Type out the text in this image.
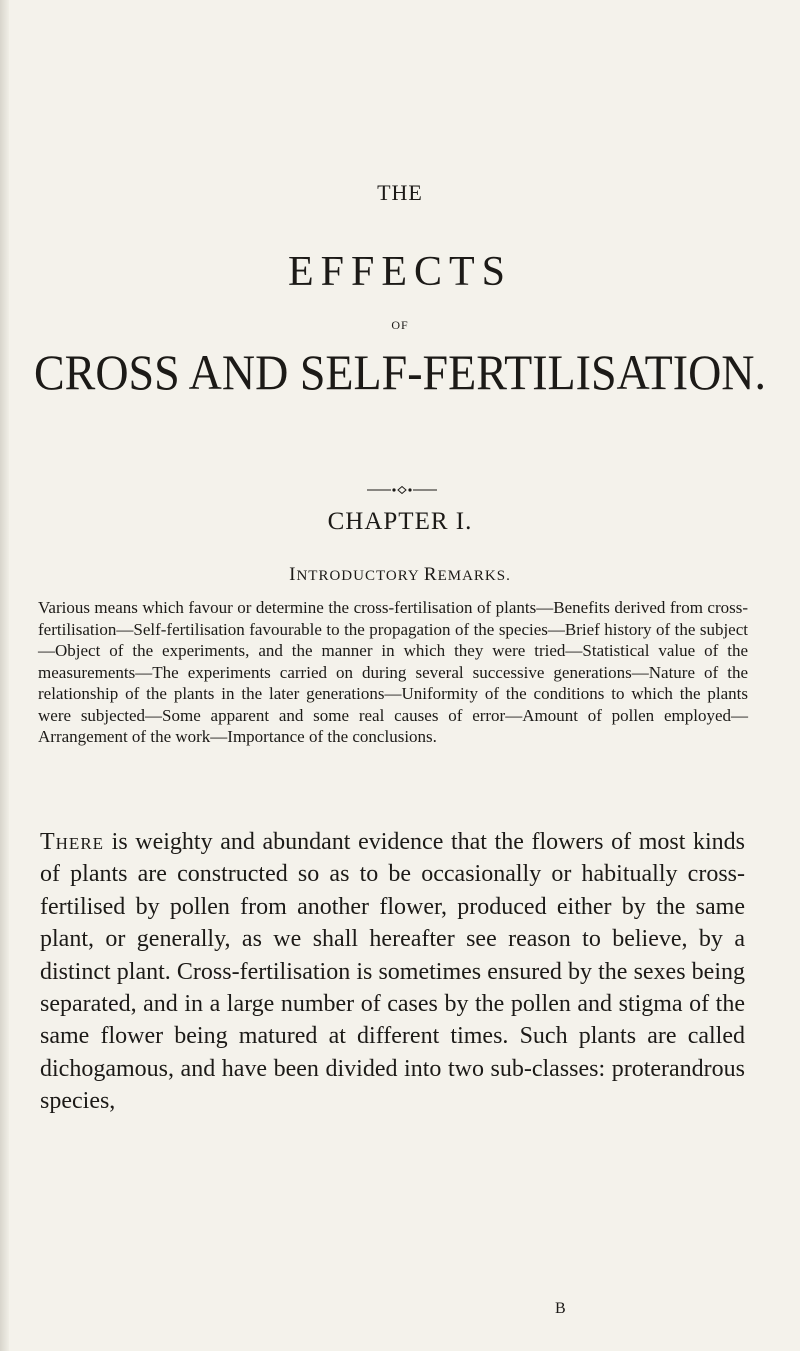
THE
EFFECTS
OF
CROSS AND SELF-FERTILISATION.
CHAPTER I.
INTRODUCTORY REMARKS.
Various means which favour or determine the cross-fertilisation of plants—Benefits derived from cross-fertilisation—Self-fertilisation favourable to the propagation of the species—Brief history of the subject—Object of the experiments, and the manner in which they were tried—Statistical value of the measurements—The experiments carried on during several successive generations—Nature of the relationship of the plants in the later generations—Uniformity of the conditions to which the plants were subjected—Some apparent and some real causes of error—Amount of pollen employed—Arrangement of the work—Importance of the conclusions.
There is weighty and abundant evidence that the flowers of most kinds of plants are constructed so as to be occasionally or habitually cross-fertilised by pollen from another flower, produced either by the same plant, or generally, as we shall hereafter see reason to believe, by a distinct plant. Cross-fertilisation is sometimes ensured by the sexes being separated, and in a large number of cases by the pollen and stigma of the same flower being matured at different times. Such plants are called dichogamous, and have been divided into two sub-classes: proterandrous species,
B
